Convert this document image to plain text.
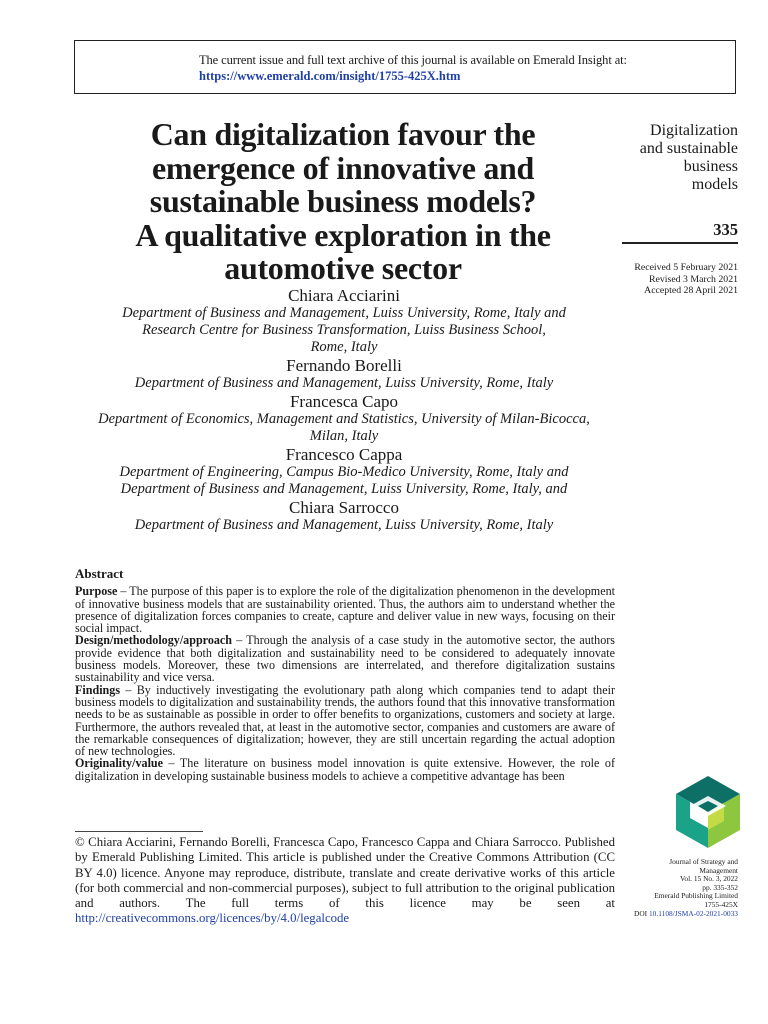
The current issue and full text archive of this journal is available on Emerald Insight at:
https://www.emerald.com/insight/1755-425X.htm
Can digitalization favour the
emergence of innovative and
sustainable business models?
A qualitative exploration in the
automotive sector
Digitalization
and sustainable
business
models
335
Received 5 February 2021
Revised 3 March 2021
Accepted 28 April 2021
Chiara Acciarini
Department of Business and Management, Luiss University, Rome, Italy and
Research Centre for Business Transformation, Luiss Business School,
Rome, Italy
Fernando Borelli
Department of Business and Management, Luiss University, Rome, Italy
Francesca Capo
Department of Economics, Management and Statistics, University of Milan-Bicocca,
Milan, Italy
Francesco Cappa
Department of Engineering, Campus Bio-Medico University, Rome, Italy and
Department of Business and Management, Luiss University, Rome, Italy, and
Chiara Sarrocco
Department of Business and Management, Luiss University, Rome, Italy
Abstract

Purpose – The purpose of this paper is to explore the role of the digitalization phenomenon in the development of innovative business models that are sustainability oriented. Thus, the authors aim to understand whether the presence of digitalization forces companies to create, capture and deliver value in new ways, focusing on their social impact.

Design/methodology/approach – Through the analysis of a case study in the automotive sector, the authors provide evidence that both digitalization and sustainability need to be considered to adequately innovate business models. Moreover, these two dimensions are interrelated, and therefore digitalization sustains sustainability and vice versa.

Findings – By inductively investigating the evolutionary path along which companies tend to adapt their business models to digitalization and sustainability trends, the authors found that this innovative transformation needs to be as sustainable as possible in order to offer benefits to organizations, customers and society at large. Furthermore, the authors revealed that, at least in the automotive sector, companies and customers are aware of the remarkable consequences of digitalization; however, they are still uncertain regarding the actual adoption of new technologies.

Originality/value – The literature on business model innovation is quite extensive. However, the role of digitalization in developing sustainable business models to achieve a competitive advantage has been

© Chiara Acciarini, Fernando Borelli, Francesca Capo, Francesco Cappa and Chiara Sarrocco. Published by Emerald Publishing Limited. This article is published under the Creative Commons Attribution (CC BY 4.0) licence. Anyone may reproduce, distribute, translate and create derivative works of this article (for both commercial and non-commercial purposes), subject to full attribution to the original publication and authors. The full terms of this licence may be seen at http://creativecommons.org/licences/by/4.0/legalcode
Journal of Strategy and
Management
Vol. 15 No. 3, 2022
pp. 335-352
Emerald Publishing Limited
1755-425X
DOI 10.1108/JSMA-02-2021-0033
